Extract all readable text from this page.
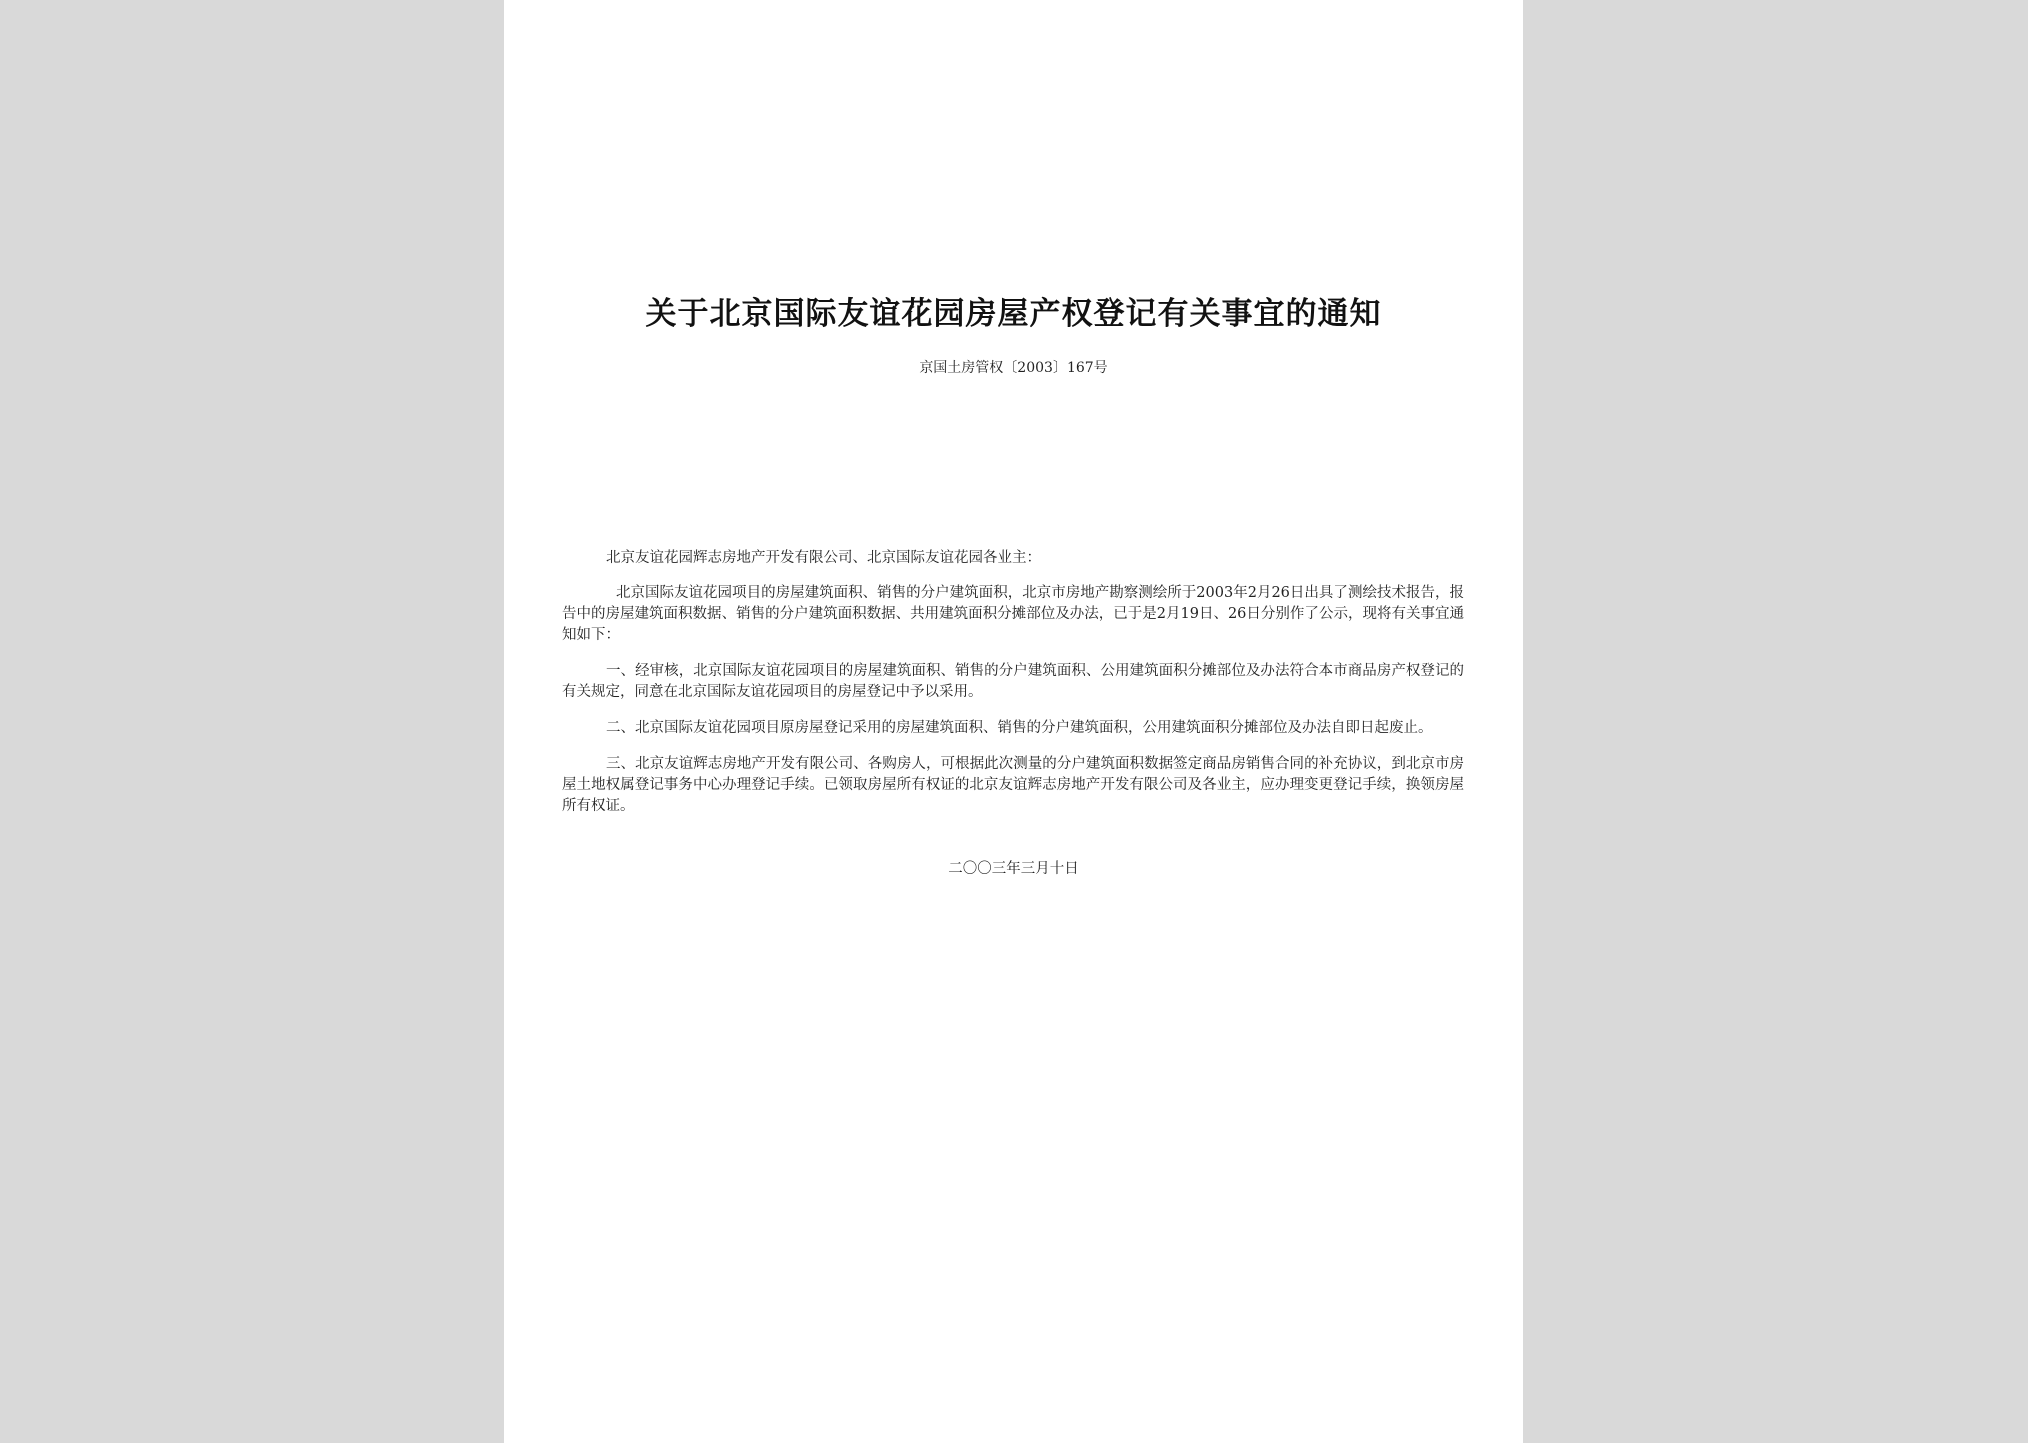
关于北京国际友谊花园房屋产权登记有关事宜的通知
京国土房管权〔2003〕167号

北京友谊花园辉志房地产开发有限公司、北京国际友谊花园各业主：

北京国际友谊花园项目的房屋建筑面积、销售的分户建筑面积，北京市房地产勘察测绘所于2003年2月26日出具了测绘技术报告，报告中的房屋建筑面积数据、销售的分户建筑面积数据、共用建筑面积分摊部位及办法，已于是2月19日、26日分别作了公示，现将有关事宜通知如下：

一、经审核，北京国际友谊花园项目的房屋建筑面积、销售的分户建筑面积、公用建筑面积分摊部位及办法符合本市商品房产权登记的有关规定，同意在北京国际友谊花园项目的房屋登记中予以采用。

二、北京国际友谊花园项目原房屋登记采用的房屋建筑面积、销售的分户建筑面积，公用建筑面积分摊部位及办法自即日起废止。

三、北京友谊辉志房地产开发有限公司、各购房人，可根据此次测量的分户建筑面积数据签定商品房销售合同的补充协议，到北京市房屋土地权属登记事务中心办理登记手续。已领取房屋所有权证的北京友谊辉志房地产开发有限公司及各业主，应办理变更登记手续，换领房屋所有权证。

二〇〇三年三月十日
